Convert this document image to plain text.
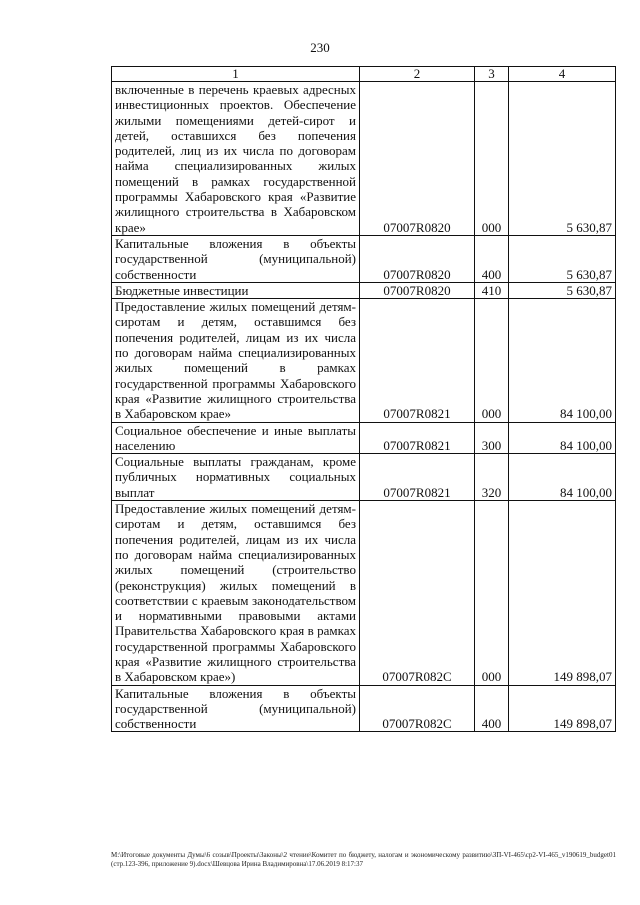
230
1	2	3	4
включенные в перечень краевых адресных инвестиционных проектов. Обеспечение жилыми помещениями детей-сирот и детей, оставшихся без попечения родителей, лиц из их числа по договорам найма специализированных жилых помещений в рамках государственной программы Хабаровского края «Развитие жилищного строительства в Хабаровском крае»	07007R0820	000	5 630,87
Капитальные вложения в объекты государственной (муниципальной) собственности	07007R0820	400	5 630,87
Бюджетные инвестиции	07007R0820	410	5 630,87
Предоставление жилых помещений детям-сиротам и детям, оставшимся без попечения родителей, лицам из их числа по договорам найма специализированных жилых помещений в рамках государственной программы Хабаровского края «Развитие жилищного строительства в Хабаровском крае»	07007R0821	000	84 100,00
Социальное обеспечение и иные выплаты населению	07007R0821	300	84 100,00
Социальные выплаты гражданам, кроме публичных нормативных социальных выплат	07007R0821	320	84 100,00
Предоставление жилых помещений детям-сиротам и детям, оставшимся без попечения родителей, лицам из их числа по договорам найма специализированных жилых помещений (строительство (реконструкция) жилых помещений в соответствии с краевым законодательством и нормативными правовыми актами Правительства Хабаровского края в рамках государственной программы Хабаровского края «Развитие жилищного строительства в Хабаровском крае»)	07007R082С	000	149 898,07
Капитальные вложения в объекты государственной (муниципальной) собственности	07007R082С	400	149 898,07
М:\Итоговые документы Думы\6 созыв\Проекты\Законы\2 чтение\Комитет по бюджету, налогам и экономическому развитию\ЗП-VI-465\ср2-VI-465_v190619_budget01 (стр.123-396, приложение 9).docx\Шевцова Ирина Владимировна\17.06.2019 8:17:37
